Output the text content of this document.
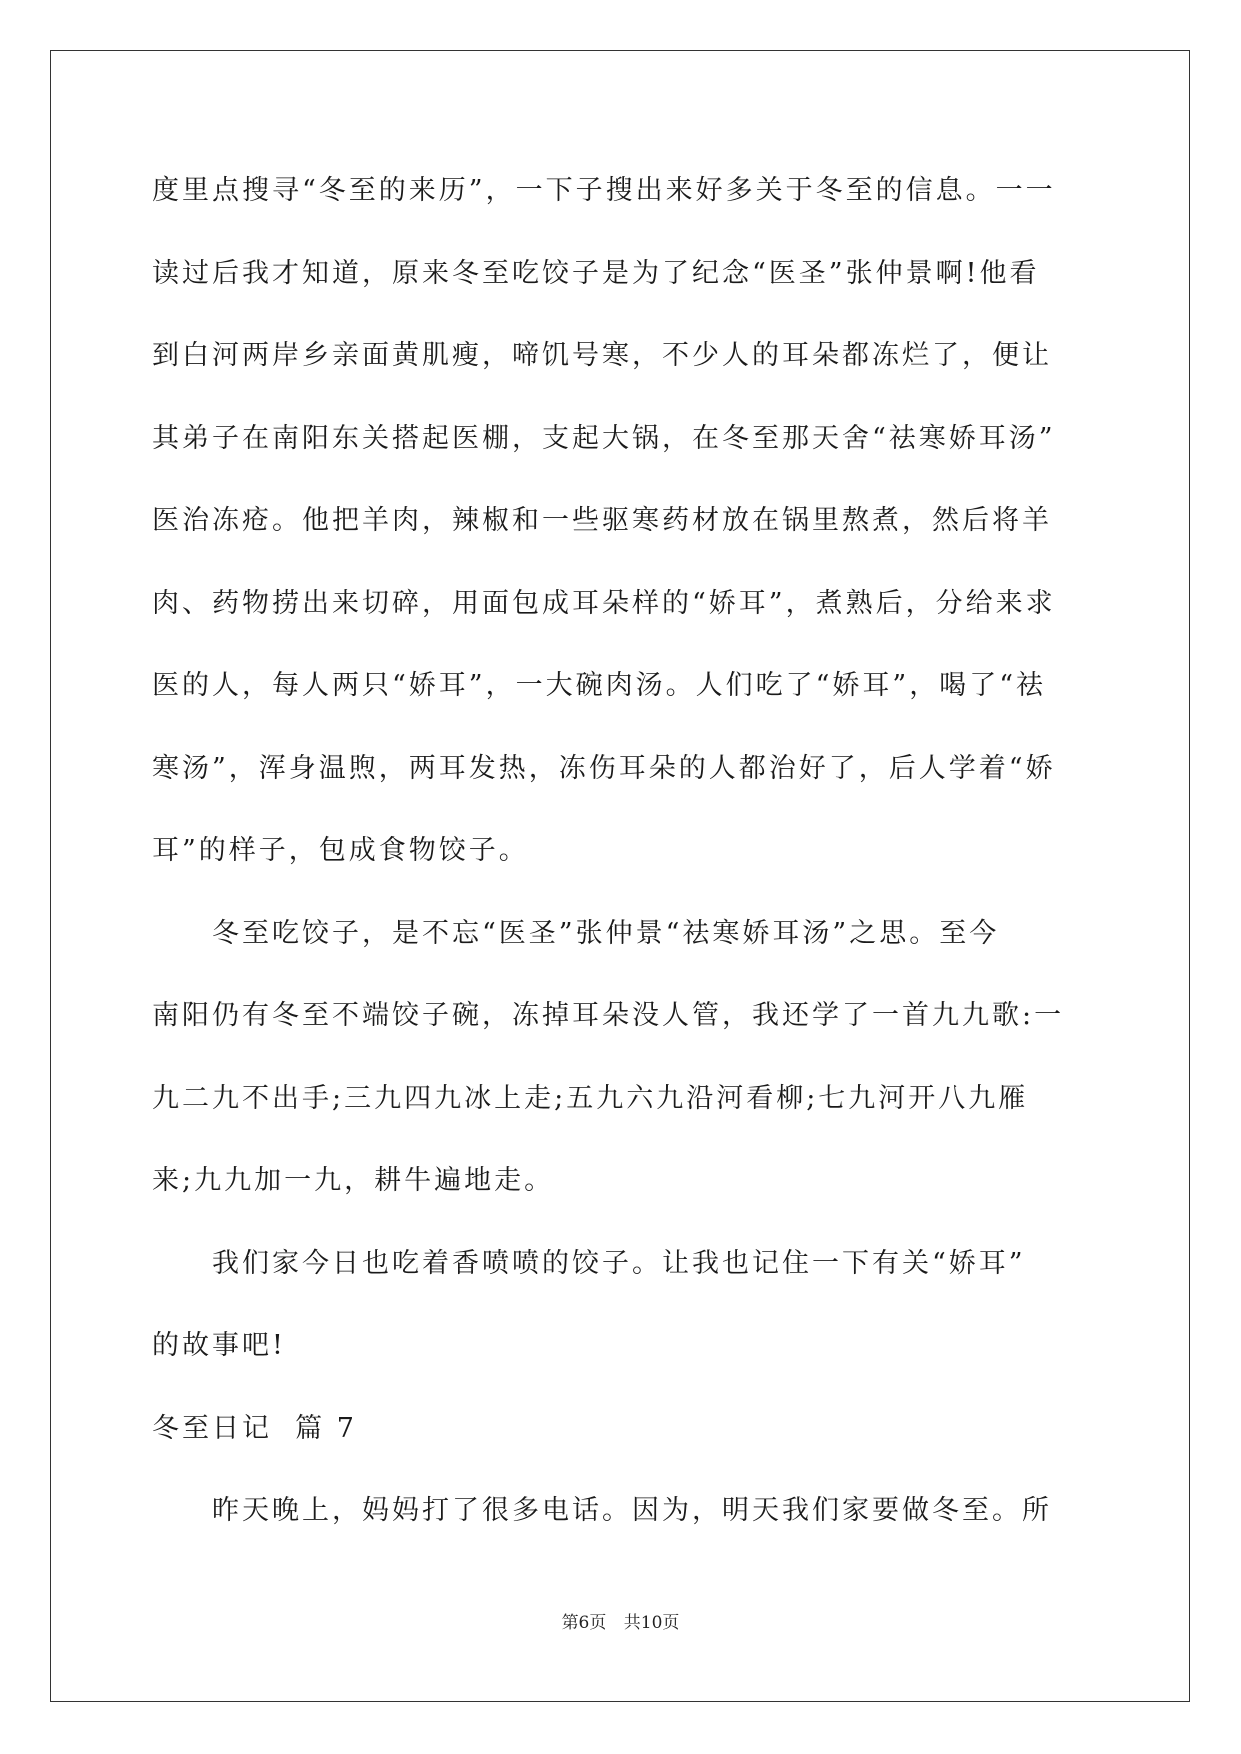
度里点搜寻“冬至的来历”，一下子搜出来好多关于冬至的信息。一一
读过后我才知道，原来冬至吃饺子是为了纪念“医圣”张仲景啊!他看
到白河两岸乡亲面黄肌瘦，啼饥号寒，不少人的耳朵都冻烂了，便让
其弟子在南阳东关搭起医棚，支起大锅，在冬至那天舍“祛寒娇耳汤”
医治冻疮。他把羊肉，辣椒和一些驱寒药材放在锅里熬煮，然后将羊
肉、药物捞出来切碎，用面包成耳朵样的“娇耳”，煮熟后，分给来求
医的人，每人两只“娇耳”，一大碗肉汤。人们吃了“娇耳”，喝了“祛
寒汤”，浑身温煦，两耳发热，冻伤耳朵的人都治好了，后人学着“娇
耳”的样子，包成食物饺子。
冬至吃饺子，是不忘“医圣”张仲景“祛寒娇耳汤”之思。至今
南阳仍有冬至不端饺子碗，冻掉耳朵没人管，我还学了一首九九歌:一
九二九不出手;三九四九冰上走;五九六九沿河看柳;七九河开八九雁
来;九九加一九，耕牛遍地走。
我们家今日也吃着香喷喷的饺子。让我也记住一下有关“娇耳”
的故事吧!
冬至日记  篇 7
昨天晚上，妈妈打了很多电话。因为，明天我们家要做冬至。所
第6页 共10页
